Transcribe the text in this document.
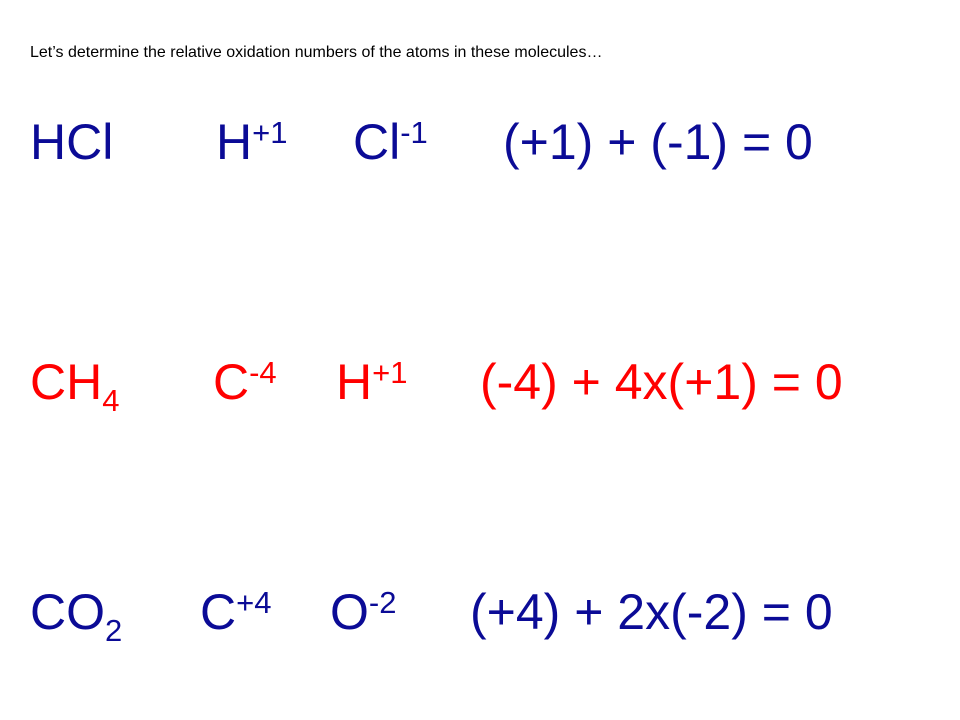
Let’s determine the relative oxidation numbers of the atoms in these molecules…
HCl $H^{+1}$ $Cl^{-1}$ (+1) + (-1) = 0
$CH_4$ $C^{-4}$ $H^{+1}$ (-4) + 4x(+1) = 0
$CO_2$ $C^{+4}$ $O^{-2}$ (+4) + 2x(-2) = 0
